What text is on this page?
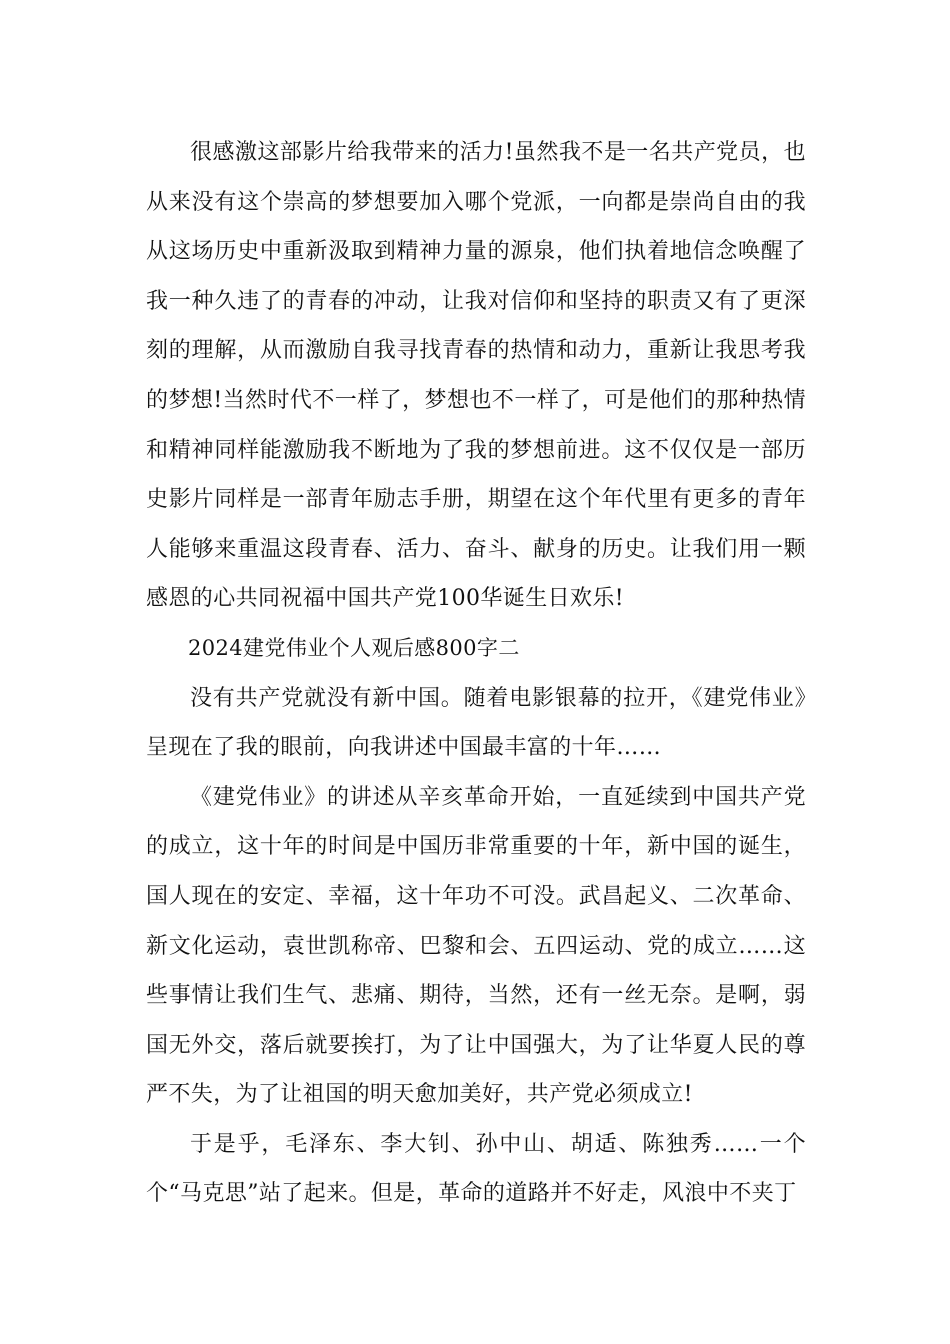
很感激这部影片给我带来的活力!虽然我不是一名共产党员，也从来没有这个崇高的梦想要加入哪个党派，一向都是崇尚自由的我从这场历史中重新汲取到精神力量的源泉，他们执着地信念唤醒了我一种久违了的青春的冲动，让我对信仰和坚持的职责又有了更深刻的理解，从而激励自我寻找青春的热情和动力，重新让我思考我的梦想!当然时代不一样了，梦想也不一样了，可是他们的那种热情和精神同样能激励我不断地为了我的梦想前进。这不仅仅是一部历史影片同样是一部青年励志手册，期望在这个年代里有更多的青年人能够来重温这段青春、活力、奋斗、献身的历史。让我们用一颗感恩的心共同祝福中国共产党100华诞生日欢乐!

2024建党伟业个人观后感800字二

没有共产党就没有新中国。随着电影银幕的拉开，《建党伟业》呈现在了我的眼前，向我讲述中国最丰富的十年……

《建党伟业》的讲述从辛亥革命开始，一直延续到中国共产党的成立，这十年的时间是中国历非常重要的十年，新中国的诞生，国人现在的安定、幸福，这十年功不可没。武昌起义、二次革命、新文化运动，袁世凯称帝、巴黎和会、五四运动、党的成立……这些事情让我们生气、悲痛、期待，当然，还有一丝无奈。是啊，弱国无外交，落后就要挨打，为了让中国强大，为了让华夏人民的尊严不失，为了让祖国的明天愈加美好，共产党必须成立!

于是乎，毛泽东、李大钊、孙中山、胡适、陈独秀……一个个“马克思”站了起来。但是，革命的道路并不好走，风浪中不夹丁
